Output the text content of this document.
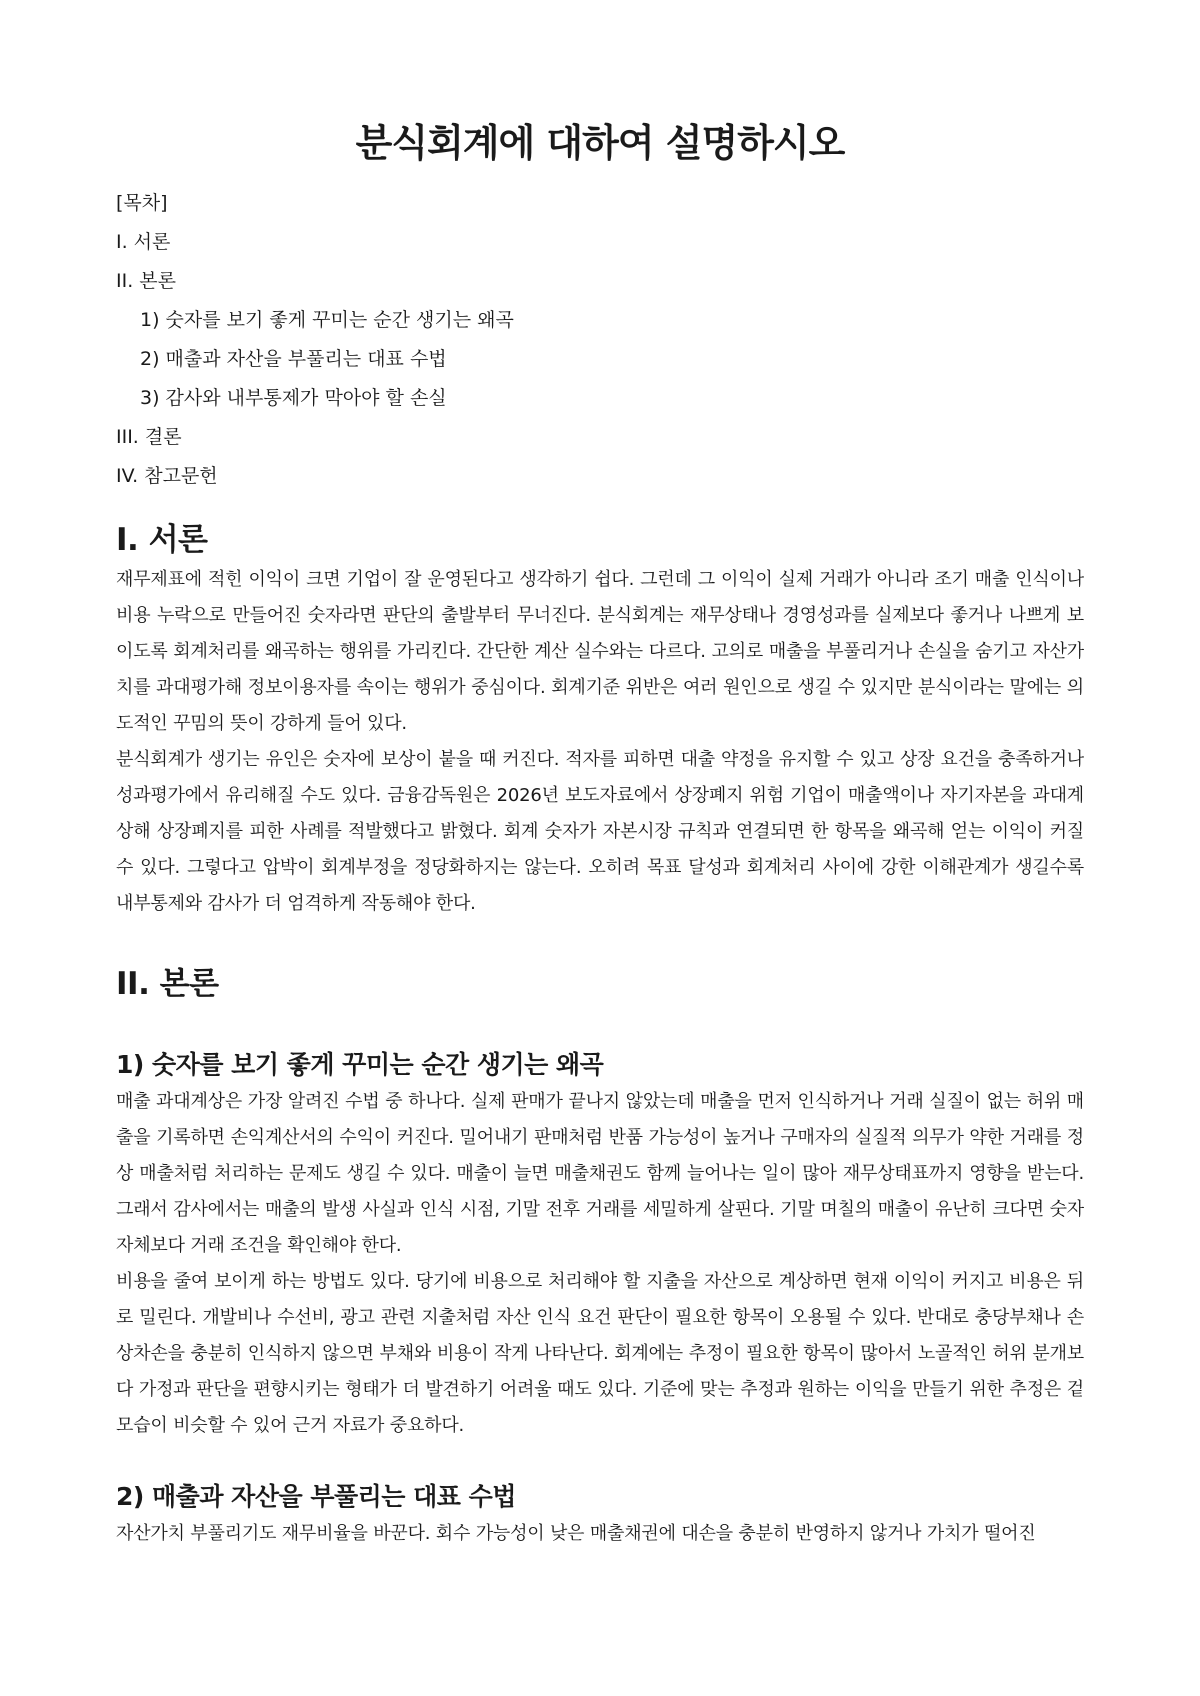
분식회계에 대하여 설명하시오
[목차]
I. 서론
II. 본론
1) 숫자를 보기 좋게 꾸미는 순간 생기는 왜곡
2) 매출과 자산을 부풀리는 대표 수법
3) 감사와 내부통제가 막아야 할 손실
III. 결론
IV. 참고문헌
I. 서론

재무제표에 적힌 이익이 크면 기업이 잘 운영된다고 생각하기 쉽다. 그런데 그 이익이 실제 거래가 아니라 조기 매출 인식이나 비용 누락으로 만들어진 숫자라면 판단의 출발부터 무너진다. 분식회계는 재무상태나 경영성과를 실제보다 좋거나 나쁘게 보이도록 회계처리를 왜곡하는 행위를 가리킨다. 간단한 계산 실수와는 다르다. 고의로 매출을 부풀리거나 손실을 숨기고 자산가치를 과대평가해 정보이용자를 속이는 행위가 중심이다. 회계기준 위반은 여러 원인으로 생길 수 있지만 분식이라는 말에는 의도적인 꾸밈의 뜻이 강하게 들어 있다.

분식회계가 생기는 유인은 숫자에 보상이 붙을 때 커진다. 적자를 피하면 대출 약정을 유지할 수 있고 상장 요건을 충족하거나 성과평가에서 유리해질 수도 있다. 금융감독원은 2026년 보도자료에서 상장폐지 위험 기업이 매출액이나 자기자본을 과대계상해 상장폐지를 피한 사례를 적발했다고 밝혔다. 회계 숫자가 자본시장 규칙과 연결되면 한 항목을 왜곡해 얻는 이익이 커질 수 있다. 그렇다고 압박이 회계부정을 정당화하지는 않는다. 오히려 목표 달성과 회계처리 사이에 강한 이해관계가 생길수록 내부통제와 감사가 더 엄격하게 작동해야 한다.

II. 본론
1) 숫자를 보기 좋게 꾸미는 순간 생기는 왜곡

매출 과대계상은 가장 알려진 수법 중 하나다. 실제 판매가 끝나지 않았는데 매출을 먼저 인식하거나 거래 실질이 없는 허위 매출을 기록하면 손익계산서의 수익이 커진다. 밀어내기 판매처럼 반품 가능성이 높거나 구매자의 실질적 의무가 약한 거래를 정상 매출처럼 처리하는 문제도 생길 수 있다. 매출이 늘면 매출채권도 함께 늘어나는 일이 많아 재무상태표까지 영향을 받는다. 그래서 감사에서는 매출의 발생 사실과 인식 시점, 기말 전후 거래를 세밀하게 살핀다. 기말 며칠의 매출이 유난히 크다면 숫자 자체보다 거래 조건을 확인해야 한다.

비용을 줄여 보이게 하는 방법도 있다. 당기에 비용으로 처리해야 할 지출을 자산으로 계상하면 현재 이익이 커지고 비용은 뒤로 밀린다. 개발비나 수선비, 광고 관련 지출처럼 자산 인식 요건 판단이 필요한 항목이 오용될 수 있다. 반대로 충당부채나 손상차손을 충분히 인식하지 않으면 부채와 비용이 작게 나타난다. 회계에는 추정이 필요한 항목이 많아서 노골적인 허위 분개보다 가정과 판단을 편향시키는 형태가 더 발견하기 어려울 때도 있다. 기준에 맞는 추정과 원하는 이익을 만들기 위한 추정은 겉모습이 비슷할 수 있어 근거 자료가 중요하다.

2) 매출과 자산을 부풀리는 대표 수법

자산가치 부풀리기도 재무비율을 바꾼다. 회수 가능성이 낮은 매출채권에 대손을 충분히 반영하지 않거나 가치가 떨어진
